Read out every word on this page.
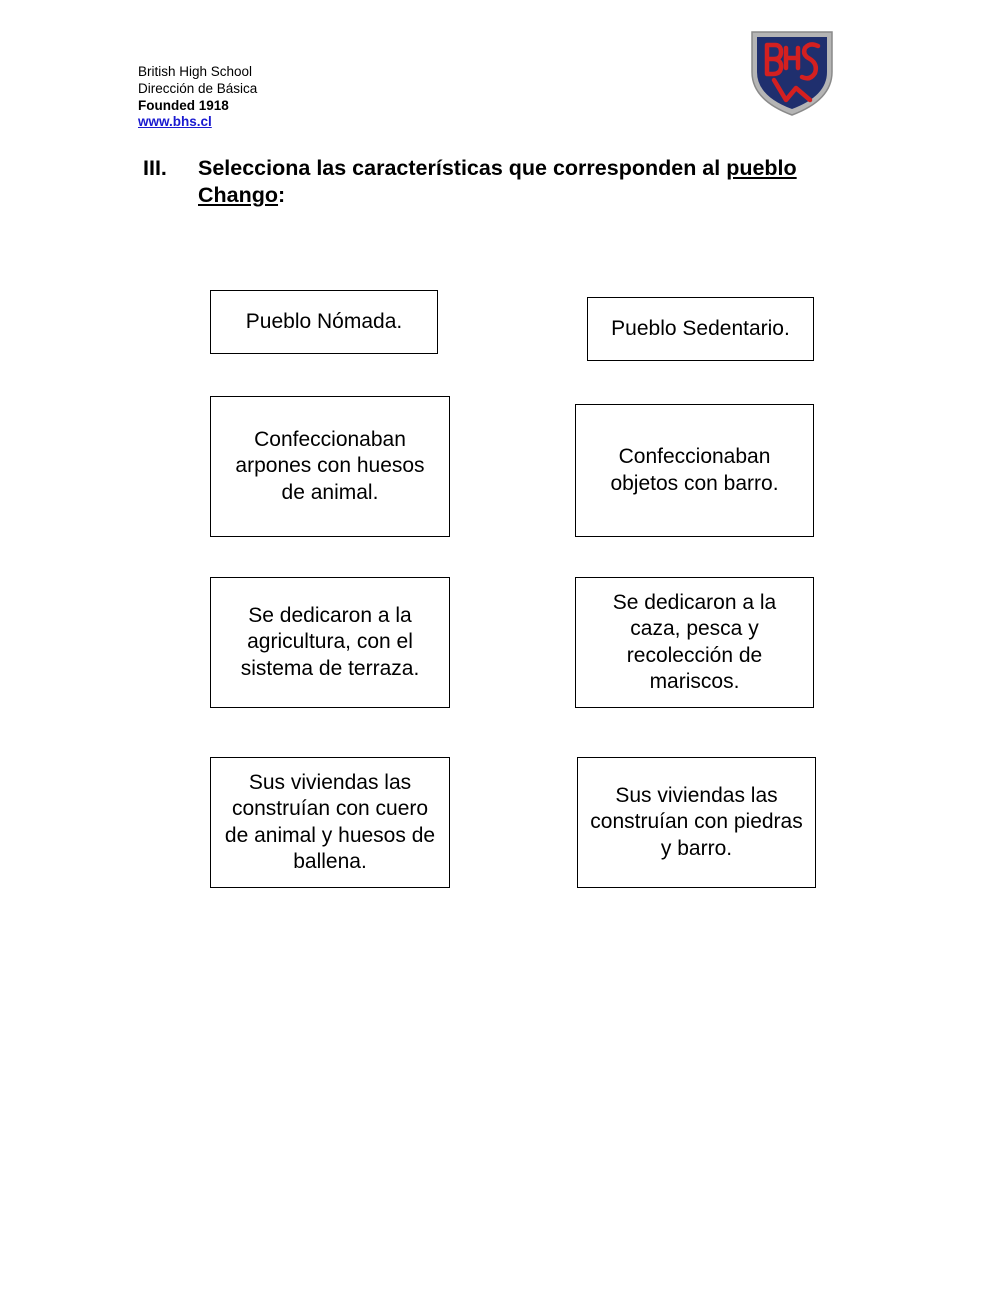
British High School
Dirección de Básica
Founded 1918
www.bhs.cl
III. Selecciona las características que corresponden al pueblo Chango:
Pueblo Nómada.	Pueblo Sedentario.
Confeccionaban arpones con huesos de animal.
Confeccionaban objetos con barro.
Se dedicaron a la agricultura, con el sistema de terraza.
Se dedicaron a la caza, pesca y recolección de mariscos.
Sus viviendas las construían con cuero de animal y huesos de ballena.
Sus viviendas las construían con piedras y barro.
